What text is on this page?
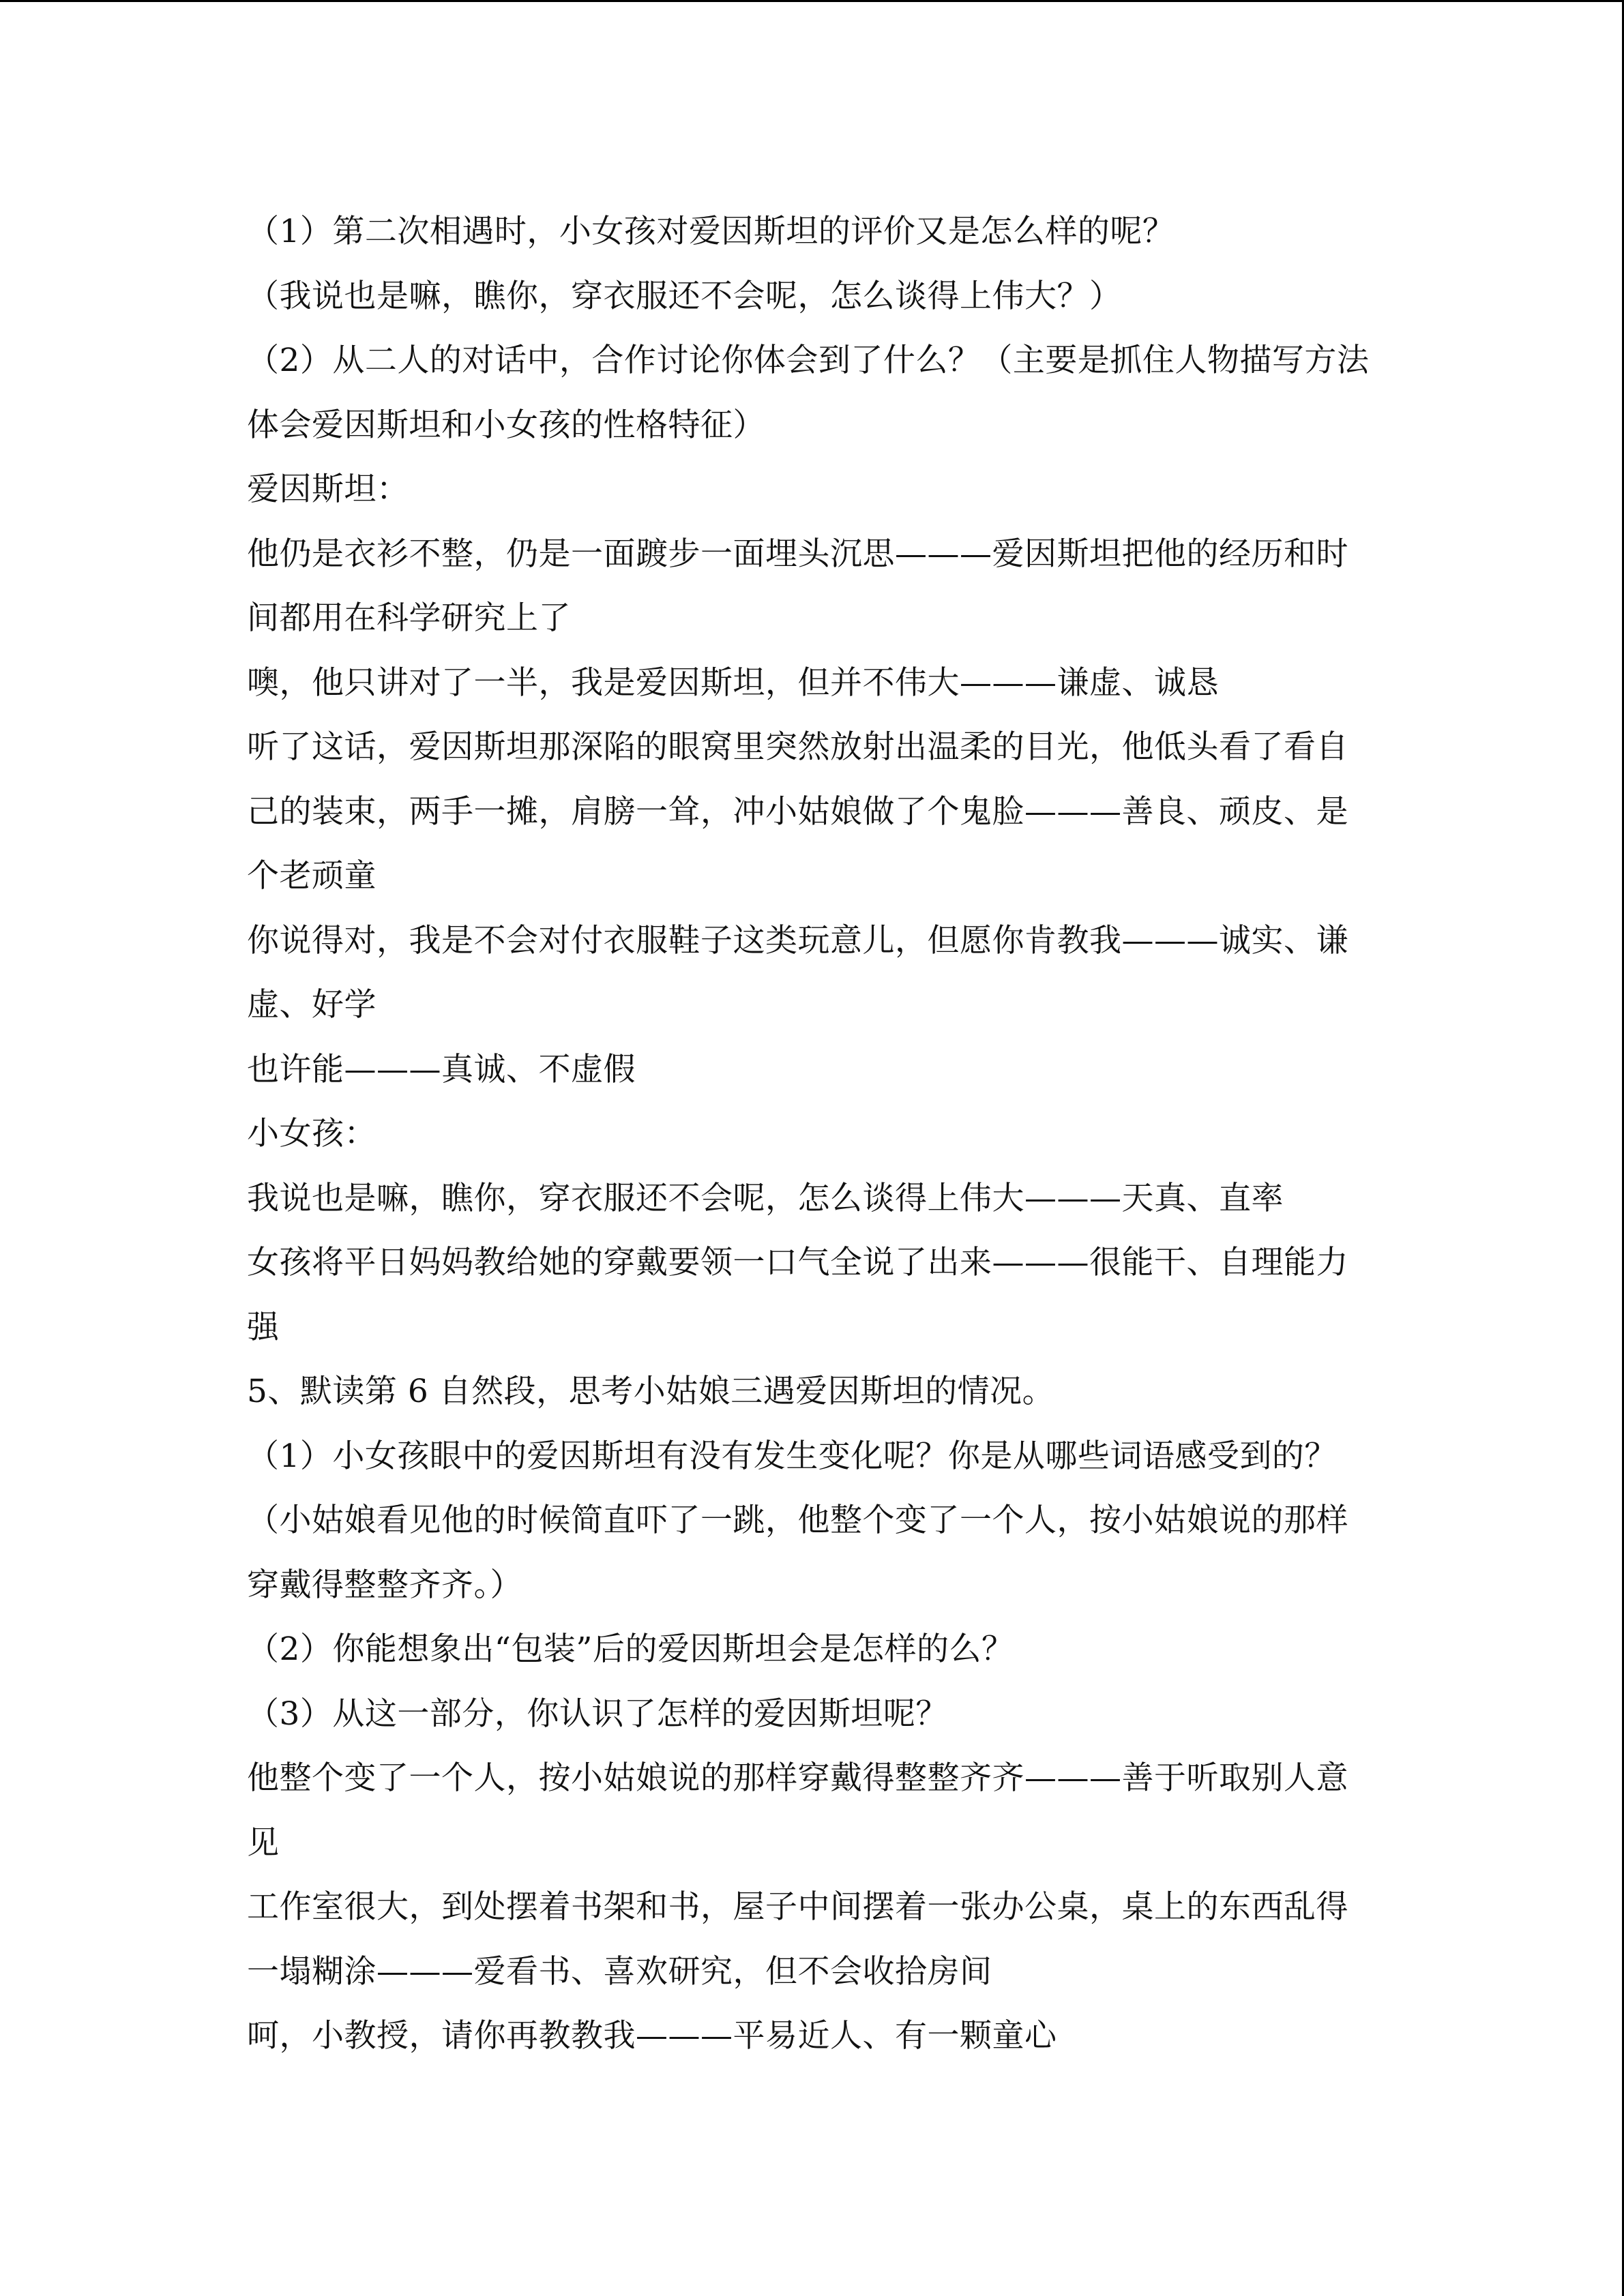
（1）第二次相遇时，小女孩对爱因斯坦的评价又是怎么样的呢？
（我说也是嘛，瞧你，穿衣服还不会呢，怎么谈得上伟大？）
（2）从二人的对话中，合作讨论你体会到了什么？（主要是抓住人物描写方法
体会爱因斯坦和小女孩的性格特征）
爱因斯坦：
他仍是衣衫不整，仍是一面踱步一面埋头沉思———爱因斯坦把他的经历和时
间都用在科学研究上了
噢，他只讲对了一半，我是爱因斯坦，但并不伟大———谦虚、诚恳
听了这话，爱因斯坦那深陷的眼窝里突然放射出温柔的目光，他低头看了看自
己的装束，两手一摊，肩膀一耸，冲小姑娘做了个鬼脸———善良、顽皮、是
个老顽童
你说得对，我是不会对付衣服鞋子这类玩意儿，但愿你肯教我———诚实、谦
虚、好学
也许能———真诚、不虚假
小女孩：
我说也是嘛，瞧你，穿衣服还不会呢，怎么谈得上伟大———天真、直率
女孩将平日妈妈教给她的穿戴要领一口气全说了出来———很能干、自理能力
强
5、默读第 6 自然段，思考小姑娘三遇爱因斯坦的情况。
（1）小女孩眼中的爱因斯坦有没有发生变化呢？你是从哪些词语感受到的？
（小姑娘看见他的时候简直吓了一跳，他整个变了一个人，按小姑娘说的那样
穿戴得整整齐齐。）
（2）你能想象出“包装”后的爱因斯坦会是怎样的么？
（3）从这一部分，你认识了怎样的爱因斯坦呢？
他整个变了一个人，按小姑娘说的那样穿戴得整整齐齐———善于听取别人意
见
工作室很大，到处摆着书架和书，屋子中间摆着一张办公桌，桌上的东西乱得
一塌糊涂———爱看书、喜欢研究，但不会收拾房间
呵，小教授，请你再教教我———平易近人、有一颗童心
